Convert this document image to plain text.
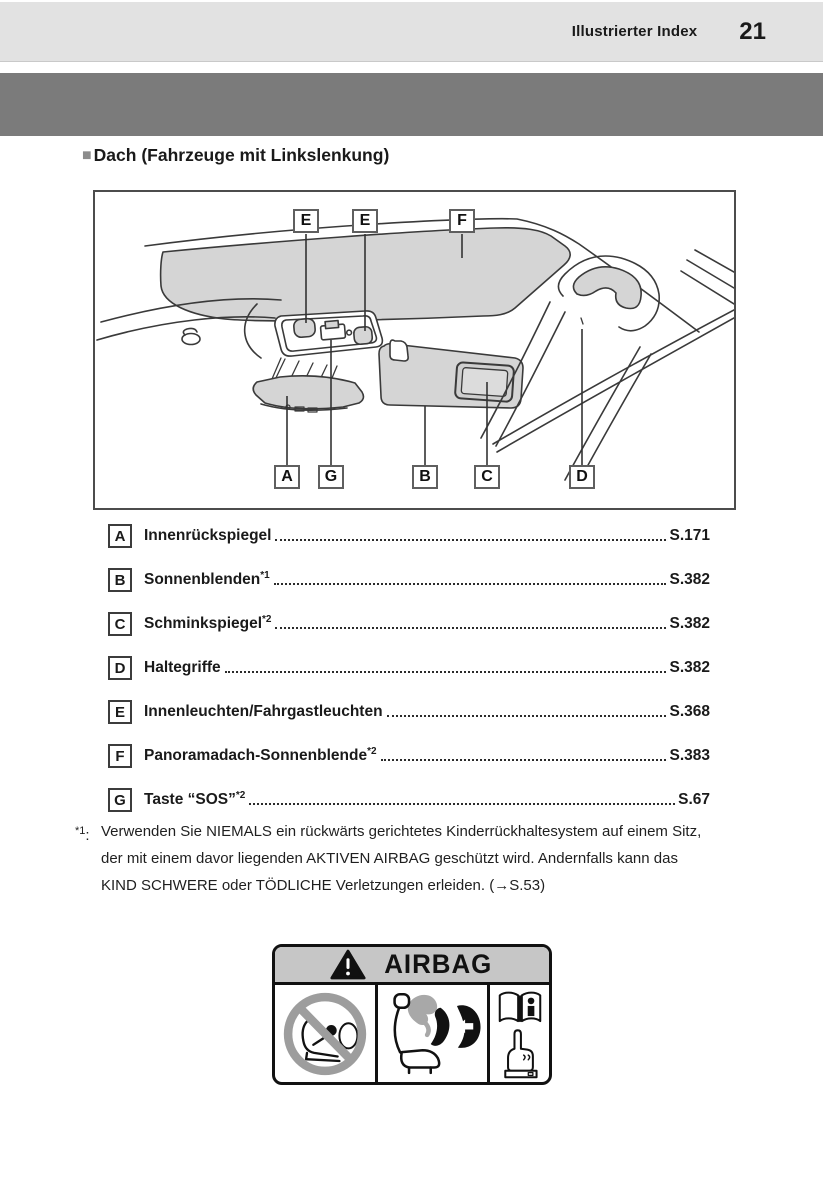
Illustrierter Index 21
■ Dach (Fahrzeuge mit Linkslenkung)
E	E	F
A	G	B	C	D
A	Innenrückspiegel	S.171
B	Sonnenblenden$^{*1}$	S.382
C	Schminkspiegel$^{*2}$	S.382
D	Haltegriffe	S.382
E	Innenleuchten/Fahrgastleuchten	S.368
F	Panoramadach-Sonnenblende$^{*2}$	S.383
G	Taste “SOS”$^{*2}$	S.67
$^{*1}$: Verwenden Sie NIEMALS ein rückwärts gerichtetes Kinderrückhaltesystem auf einem Sitz,
der mit einem davor liegenden AKTIVEN AIRBAG geschützt wird. Andernfalls kann das
KIND SCHWERE oder TÖDLICHE Verletzungen erleiden. (→S.53)
AIRBAG
